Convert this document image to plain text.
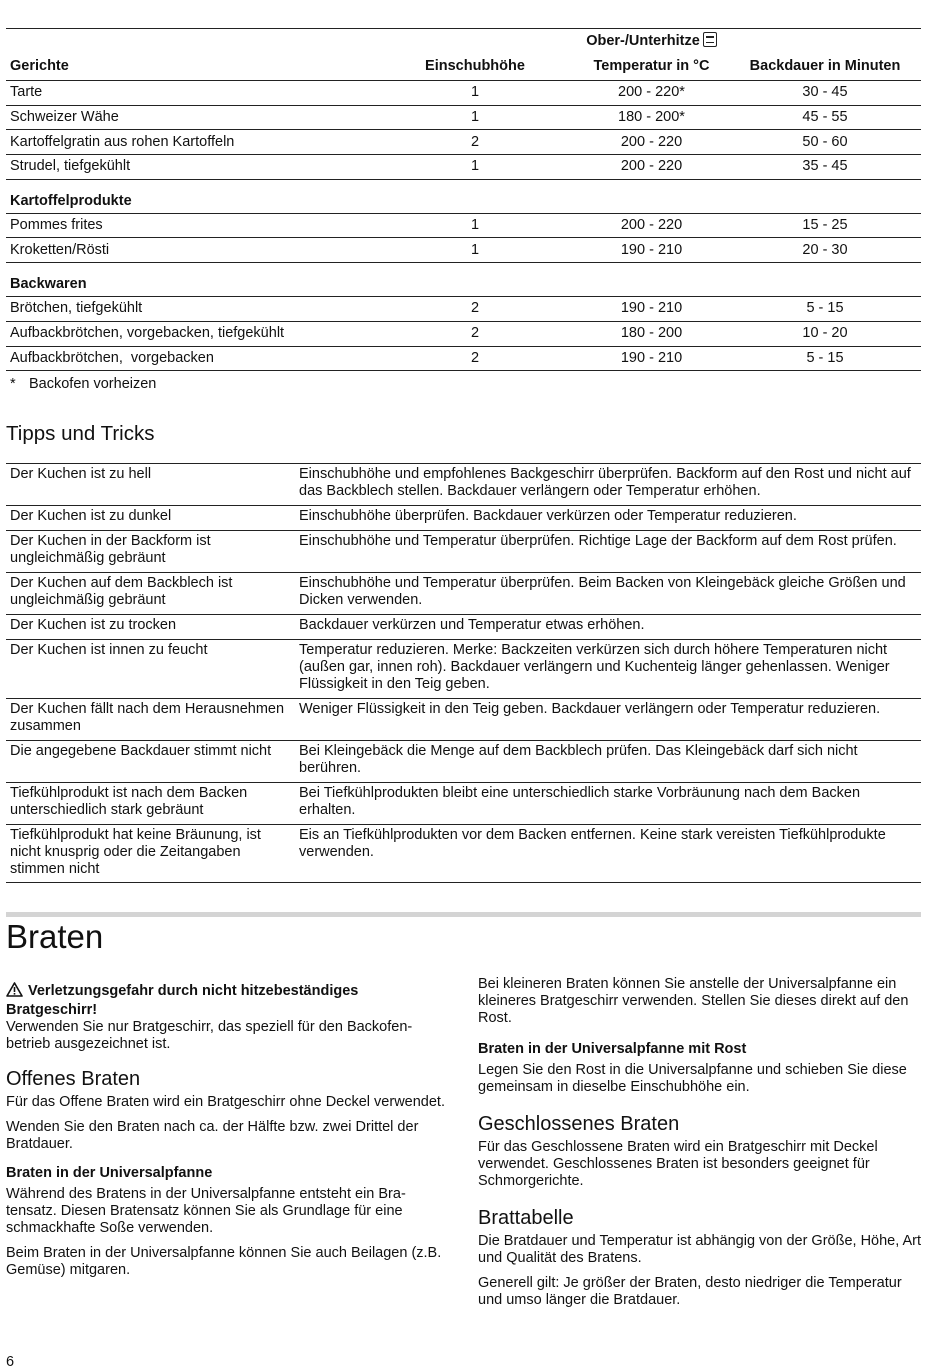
		Ober-/Unterhitze	
Gerichte	Einschubhöhe	Temperatur in °C	Backdauer in Minuten
Tarte	1	200 - 220*	30 - 45
Schweizer Wähe	1	180 - 200*	45 - 55
Kartoffelgratin aus rohen Kartoffeln	2	200 - 220	50 - 60
Strudel, tiefgekühlt	1	200 - 220	35 - 45
Kartoffelprodukte			
Pommes frites	1	200 - 220	15 - 25
Kroketten/Rösti	1	190 - 210	20 - 30
Backwaren			
Brötchen, tiefgekühlt	2	190 - 210	5 - 15
Aufbackbrötchen, vorgebacken, tiefgekühlt	2	180 - 200	10 - 20
Aufbackbrötchen,  vorgebacken	2	190 - 210	5 - 15
* Backofen vorheizen
Tipps und Tricks
Der Kuchen ist zu hell	Einschubhöhe und empfohlenes Backgeschirr überprüfen. Backform auf den Rost und nicht auf das Backblech stellen. Backdauer verlängern oder Temperatur erhöhen.
Der Kuchen ist zu dunkel	Einschubhöhe überprüfen. Backdauer verkürzen oder Temperatur reduzieren.
Der Kuchen in der Backform ist ungleichmäßig gebräunt	Einschubhöhe und Temperatur überprüfen. Richtige Lage der Backform auf dem Rost prüfen.
Der Kuchen auf dem Backblech ist ungleichmäßig gebräunt	Einschubhöhe und Temperatur überprüfen. Beim Backen von Kleingebäck gleiche Größen und Dicken verwenden.
Der Kuchen ist zu trocken	Backdauer verkürzen und Temperatur etwas erhöhen.
Der Kuchen ist innen zu feucht	Temperatur reduzieren. Merke: Backzeiten verkürzen sich durch höhere Temperaturen nicht (außen gar, innen roh). Backdauer verlängern und Kuchenteig länger gehenlassen. Weniger Flüssigkeit in den Teig geben.
Der Kuchen fällt nach dem Herausnehmen zusammen	Weniger Flüssigkeit in den Teig geben. Backdauer verlängern oder Temperatur reduzieren.
Die angegebene Backdauer stimmt nicht	Bei Kleingebäck die Menge auf dem Backblech prüfen. Das Kleingebäck darf sich nicht berühren.
Tiefkühlprodukt ist nach dem Backen unterschiedlich stark gebräunt	Bei Tiefkühlprodukten bleibt eine unterschiedlich starke Vorbräunung nach dem Backen erhalten.
Tiefkühlprodukt hat keine Bräunung, ist nicht knusprig oder die Zeitangaben stimmen nicht	Eis an Tiefkühlprodukten vor dem Backen entfernen. Keine stark vereisten Tiefkühlprodukte verwenden.
Braten
Verletzungsgefahr durch nicht hitzebeständiges Bratgeschirr!

Verwenden Sie nur Bratgeschirr, das speziell für den Backofenbetrieb ausgezeichnet ist.

Offenes Braten

Für das Offene Braten wird ein Bratgeschirr ohne Deckel verwendet.

Wenden Sie den Braten nach ca. der Hälfte bzw. zwei Drittel der Bratdauer.

Braten in der Universalpfanne

Während des Bratens in der Universalpfanne entsteht ein Bratensatz. Diesen Bratensatz können Sie als Grundlage für eine schmackhafte Soße verwenden.

Beim Braten in der Universalpfanne können Sie auch Beilagen (z.B. Gemüse) mitgaren.

Bei kleineren Braten können Sie anstelle der Universalpfanne ein kleineres Bratgeschirr verwenden. Stellen Sie dieses direkt auf den Rost.

Braten in der Universalpfanne mit Rost

Legen Sie den Rost in die Universalpfanne und schieben Sie diese gemeinsam in dieselbe Einschubhöhe ein.

Geschlossenes Braten

Für das Geschlossene Braten wird ein Bratgeschirr mit Deckel verwendet. Geschlossenes Braten ist besonders geeignet für Schmorgerichte.

Brattabelle

Die Bratdauer und Temperatur ist abhängig von der Größe, Höhe, Art und Qualität des Bratens.

Generell gilt: Je größer der Braten, desto niedriger die Temperatur und umso länger die Bratdauer.

6
